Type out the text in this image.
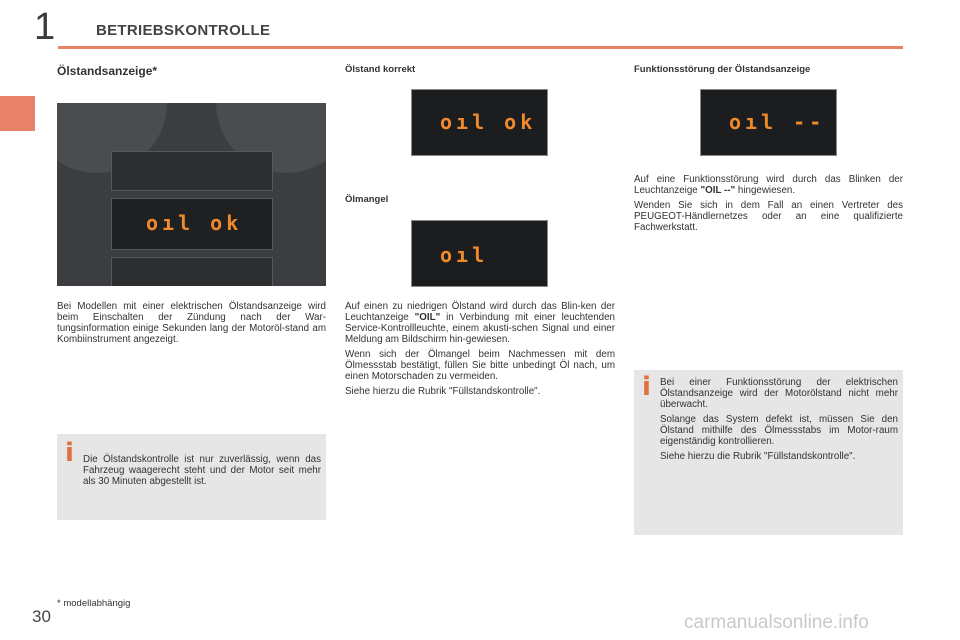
1	BETRIEBSKONTROLLE
Ölstandsanzeige*
oıl ok
Bei Modellen mit einer elektrischen Ölstandsanzeige wird beim Einschalten der Zündung nach der War-tungsinformation einige Sekunden lang der Motoröl-stand am Kombiinstrument angezeigt.
i Die Ölstandskontrolle ist nur zuverlässig, wenn das Fahrzeug waagerecht steht und der Motor seit mehr als 30 Minuten abgestellt ist.
Ölstand korrekt
oıl ok
Ölmangel
oıl

Auf einen zu niedrigen Ölstand wird durch das Blin-ken der Leuchtanzeige "OIL" in Verbindung mit einer leuchtenden Service-Kontrollleuchte, einem akusti-schen Signal und einer Meldung am Bildschirm hin-gewiesen.

Wenn sich der Ölmangel beim Nachmessen mit dem Ölmessstab bestätigt, füllen Sie bitte unbedingt Öl nach, um einen Motorschaden zu vermeiden.

Siehe hierzu die Rubrik "Füllstandskontrolle".

Funktionsstörung der Ölstandsanzeige
oıl --

Auf eine Funktionsstörung wird durch das Blinken der Leuchtanzeige "OIL --" hingewiesen.

Wenden Sie sich in dem Fall an einen Vertreter des PEUGEOT-Händlernetzes oder an eine qualifizierte Fachwerkstatt.

i Bei einer Funktionsstörung der elektrischen Ölstandsanzeige wird der Motorölstand nicht mehr überwacht.

Solange das System defekt ist, müssen Sie den Ölstand mithilfe des Ölmessstabs im Motor-raum eigenständig kontrollieren.

Siehe hierzu die Rubrik "Füllstandskontrolle".

* modellabhängig
30	carmanualsonline.info
